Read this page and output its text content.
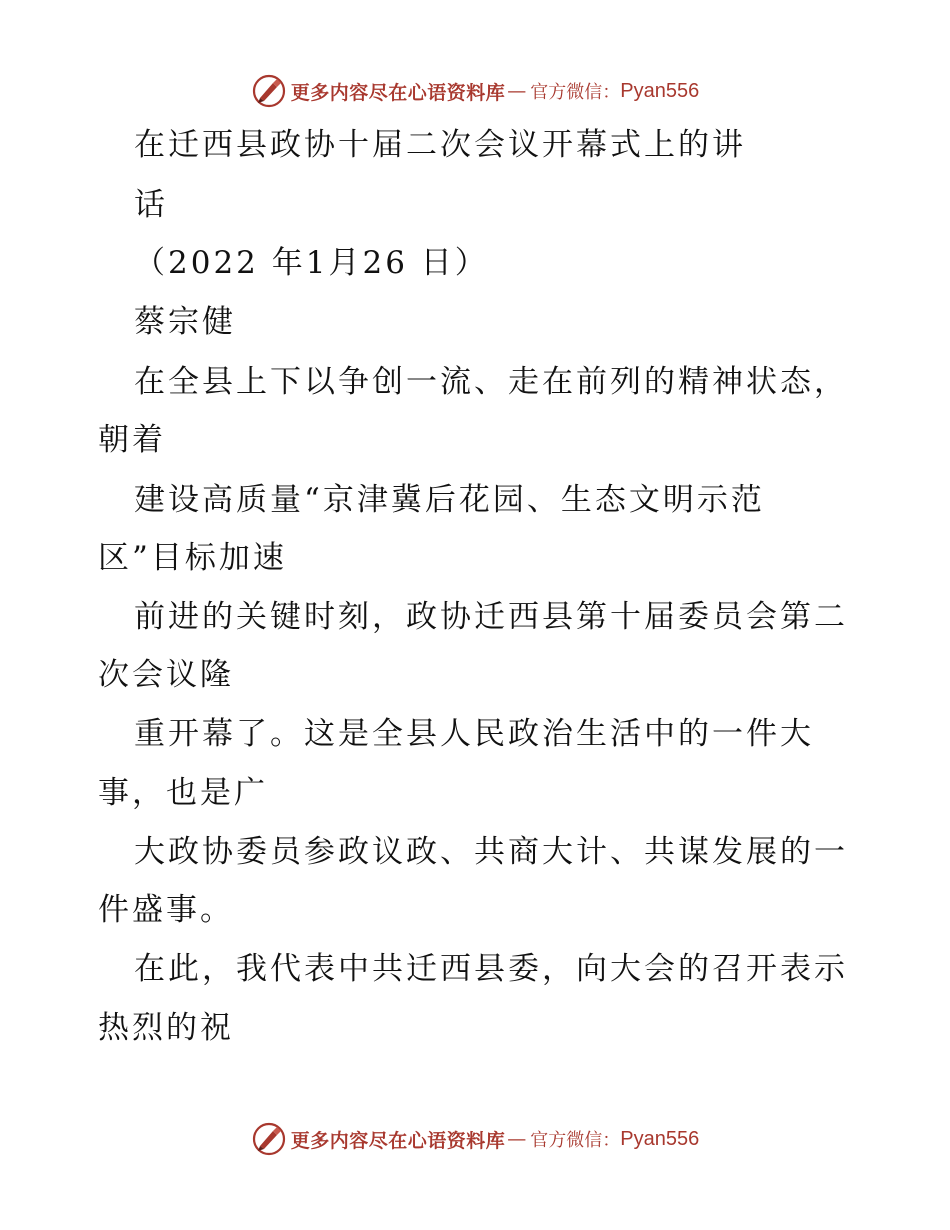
更多内容尽在心语资料库 — 官方微信： Pyan556
在迁西县政协十届二次会议开幕式上的讲
话
（2022 年1月26 日）
蔡宗健
在全县上下以争创一流、走在前列的精神状态，
朝着
建设高质量“京津冀后花园、生态文明示范
区”目标加速
前进的关键时刻，政协迁西县第十届委员会第二
次会议隆
重开幕了。这是全县人民政治生活中的一件大
事，也是广
大政协委员参政议政、共商大计、共谋发展的一
件盛事。
在此，我代表中共迁西县委，向大会的召开表示
热烈的祝
更多内容尽在心语资料库 — 官方微信： Pyan556
